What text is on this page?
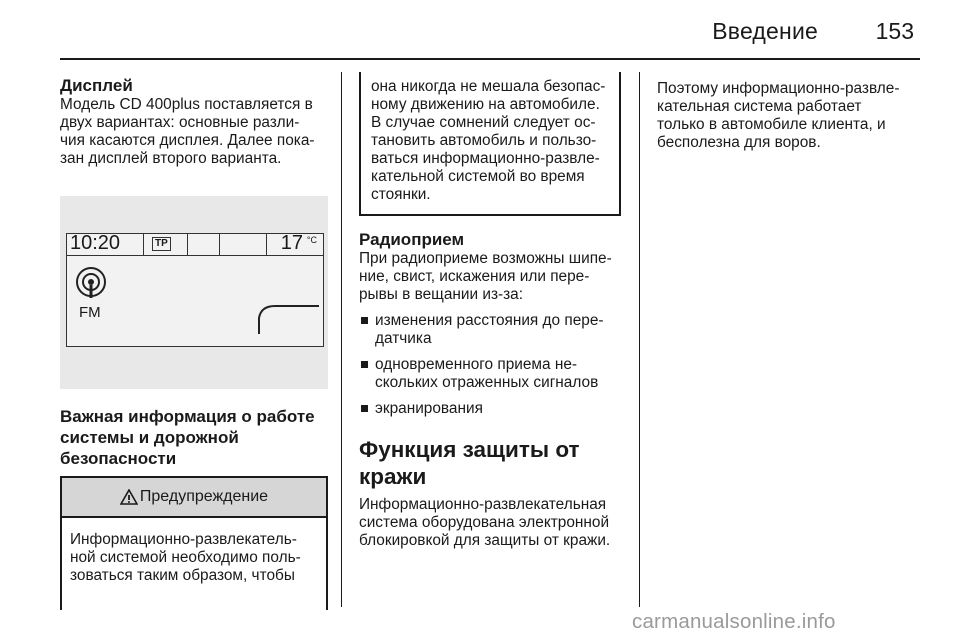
Введение	153

Дисплей

Модель CD 400plus поставляется в
двух вариантах: основные разли-
чия касаются дисплея. Далее пока-
зан дисплей второго варианта.

10:20	TP	17 °C
FM

Важная информация о работе
системы и дорожной
безопасности

Предупреждение
Информационно-развлекатель-
ной системой необходимо поль-
зоваться таким образом, чтобы
она никогда не мешала безопас-
ному движению на автомобиле.
В случае сомнений следует ос-
тановить автомобиль и пользо-
ваться информационно-развле-
кательной системой во время
стоянки.

Радиоприем

При радиоприеме возможны шипе-
ние, свист, искажения или пере-
рывы в вещании из-за:

изменения расстояния до пере-
датчика
одновременного приема не-
скольких отраженных сигналов
экранирования

Функция защиты от
кражи

Информационно-развлекательная
система оборудована электронной
блокировкой для защиты от кражи.

Поэтому информационно-развле-
кательная система работает
только в автомобиле клиента, и
бесполезна для воров.

carmanualsonline.info
